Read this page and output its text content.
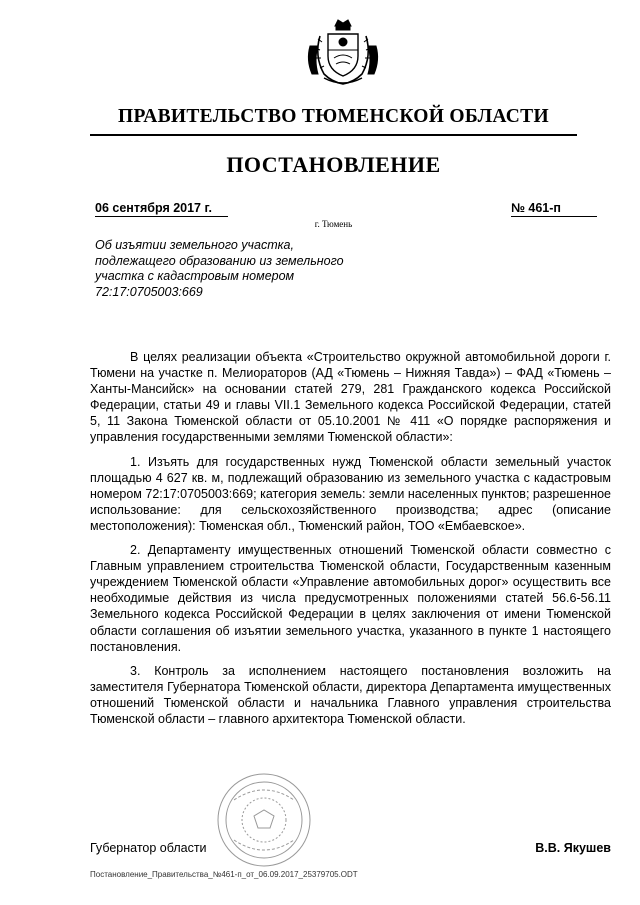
ПРАВИТЕЛЬСТВО ТЮМЕНСКОЙ ОБЛАСТИ
ПОСТАНОВЛЕНИЕ
06 сентября 2017 г.	№ 461-п
г. Тюмень
Об изъятии земельного участка, подлежащего образованию из земельного участка с кадастровым номером 72:17:0705003:669

В целях реализации объекта «Строительство окружной автомобильной дороги г. Тюмени на участке п. Мелиораторов (АД «Тюмень – Нижняя Тавда») – ФАД «Тюмень – Ханты-Мансийск» на основании статей 279, 281 Гражданского кодекса Российской Федерации, статьи 49 и главы VII.1 Земельного кодекса Российской Федерации, статей 5, 11 Закона Тюменской области от 05.10.2001 № 411 «О порядке распоряжения и управления государственными землями Тюменской области»:

1. Изъять для государственных нужд Тюменской области земельный участок площадью 4 627 кв. м, подлежащий образованию из земельного участка с кадастровым номером 72:17:0705003:669; категория земель: земли населенных пунктов; разрешенное использование: для сельскохозяйственного производства; адрес (описание местоположения): Тюменская обл., Тюменский район, ТОО «Ембаевское».

2. Департаменту имущественных отношений Тюменской области совместно с Главным управлением строительства Тюменской области, Государственным казенным учреждением Тюменской области «Управление автомобильных дорог» осуществить все необходимые действия из числа предусмотренных положениями статей 56.6-56.11 Земельного кодекса Российской Федерации в целях заключения от имени Тюменской области соглашения об изъятии земельного участка, указанного в пункте 1 настоящего постановления.

3. Контроль за исполнением настоящего постановления возложить на заместителя Губернатора Тюменской области, директора Департамента имущественных отношений Тюменской области и начальника Главного управления строительства Тюменской области – главного архитектора Тюменской области.

Губернатор области	В.В. Якушев
Постановление_Правительства_№461-п_от_06.09.2017_25379705.ODT
